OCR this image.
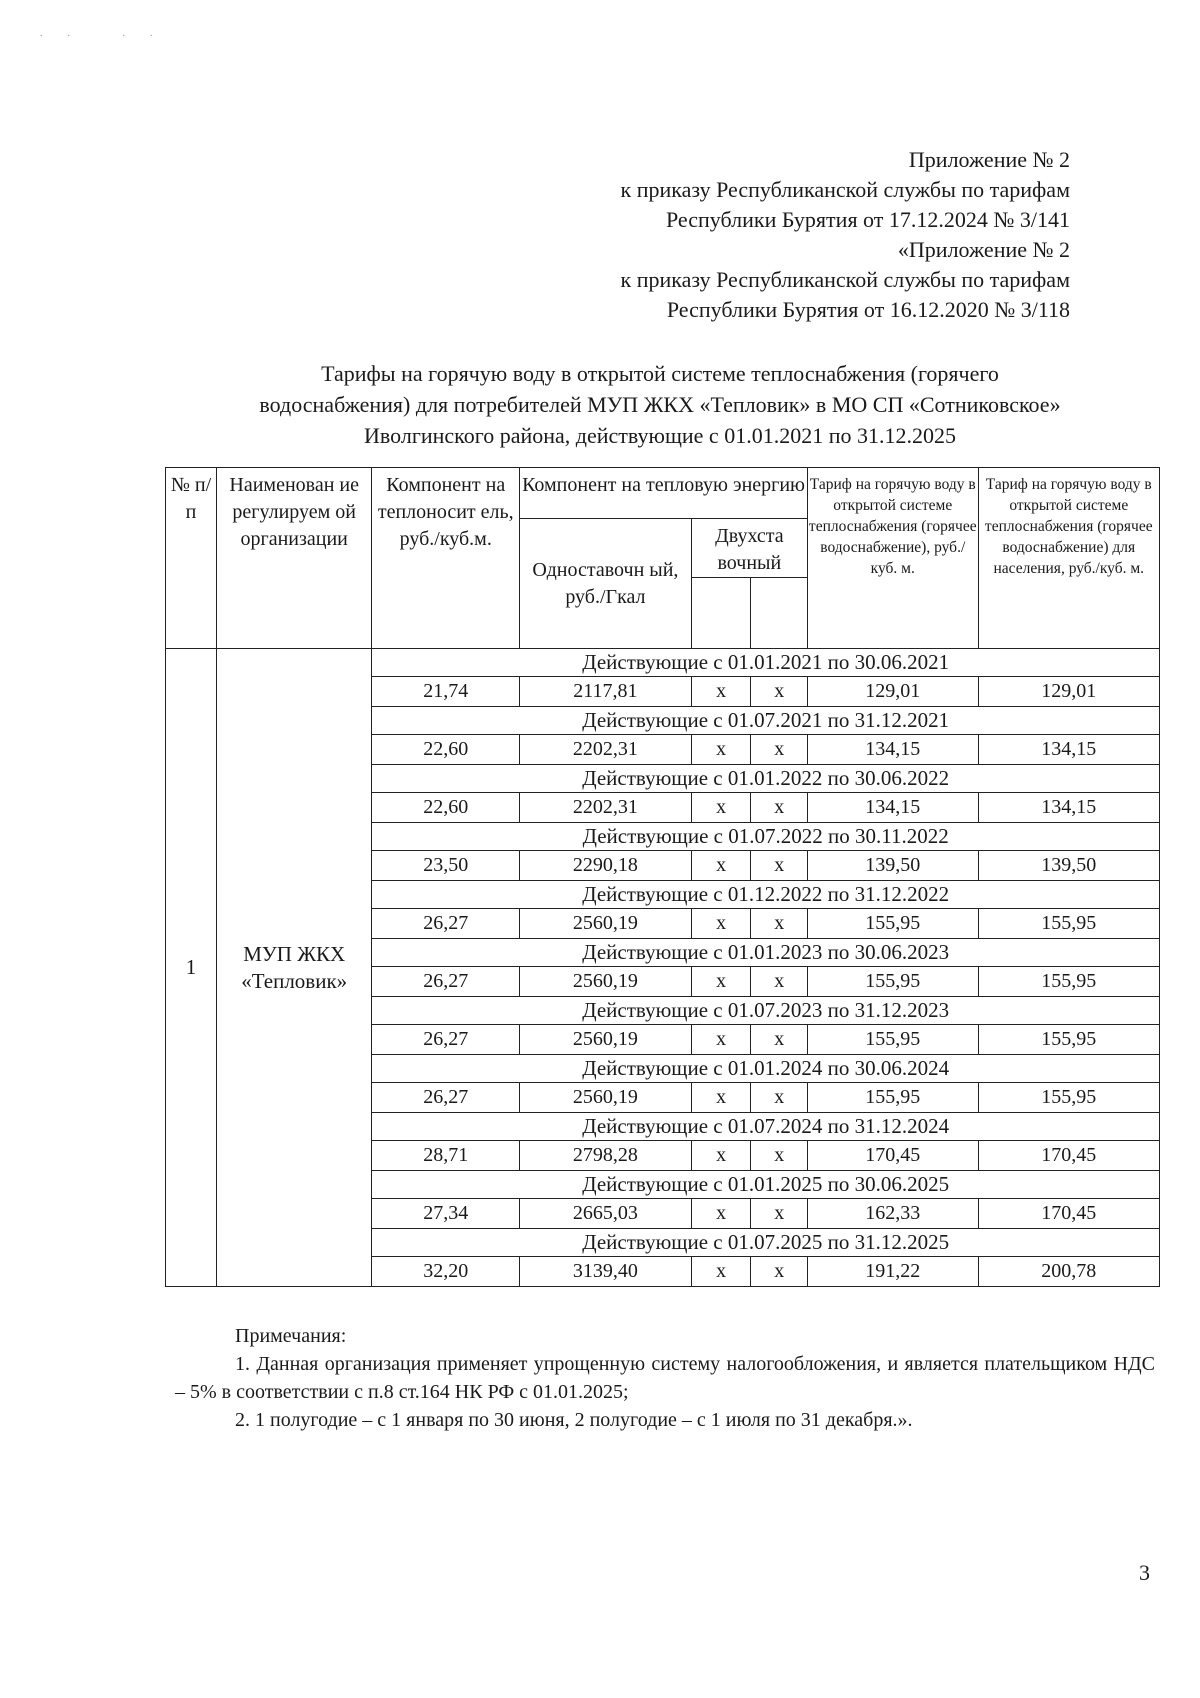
.. ..
Приложение № 2
к приказу Республиканской службы по тарифам
Республики Бурятия от 17.12.2024 № 3/141
«Приложение № 2
к приказу Республиканской службы по тарифам
Республики Бурятия от 16.12.2020 № 3/118
Тарифы на горячую воду в открытой системе теплоснабжения (горячего
водоснабжения) для потребителей МУП ЖКХ «Тепловик» в МО СП «Сотниковское»
Иволгинского района, действующие с 01.01.2021 по 31.12.2025
№ п/ п	Наименован ие регулируем ой организации	Компонент на теплоносит ель, руб./куб.м.	Компонент на тепловую энергию			Тариф на горячую воду в открытой системе теплоснабжения (горячее водоснабжение), руб./куб. м.	Тариф на горячую воду в открытой системе теплоснабжения (горячее водоснабжение) для населения, руб./куб. м.
			Одноставочн ый, руб./Гкал	Двухста вочный			

1	МУП ЖКХ «Тепловик»	Действующие с 01.01.2021 по 30.06.2021					
		21,74	2117,81	х	х	129,01	129,01
		Действующие с 01.07.2021 по 31.12.2021					
		22,60	2202,31	х	х	134,15	134,15
		Действующие с 01.01.2022 по 30.06.2022					
		22,60	2202,31	х	х	134,15	134,15
		Действующие с 01.07.2022 по 30.11.2022					
		23,50	2290,18	х	х	139,50	139,50
		Действующие с 01.12.2022 по 31.12.2022					
		26,27	2560,19	х	х	155,95	155,95
		Действующие с 01.01.2023 по 30.06.2023					
		26,27	2560,19	х	х	155,95	155,95
		Действующие с 01.07.2023 по 31.12.2023					
		26,27	2560,19	х	х	155,95	155,95
		Действующие с 01.01.2024 по 30.06.2024					
		26,27	2560,19	х	х	155,95	155,95
		Действующие с 01.07.2024 по 31.12.2024					
		28,71	2798,28	х	х	170,45	170,45
		Действующие с 01.01.2025 по 30.06.2025					
		27,34	2665,03	х	х	162,33	170,45
		Действующие с 01.07.2025 по 31.12.2025					
		32,20	3139,40	х	х	191,22	200,78
Примечания:
1. Данная организация применяет упрощенную систему налогообложения, и является плательщиком НДС – 5% в соответствии с п.8 ст.164 НК РФ с 01.01.2025;
2. 1 полугодие – с 1 января по 30 июня, 2 полугодие – с 1 июля по 31 декабря.».
3
